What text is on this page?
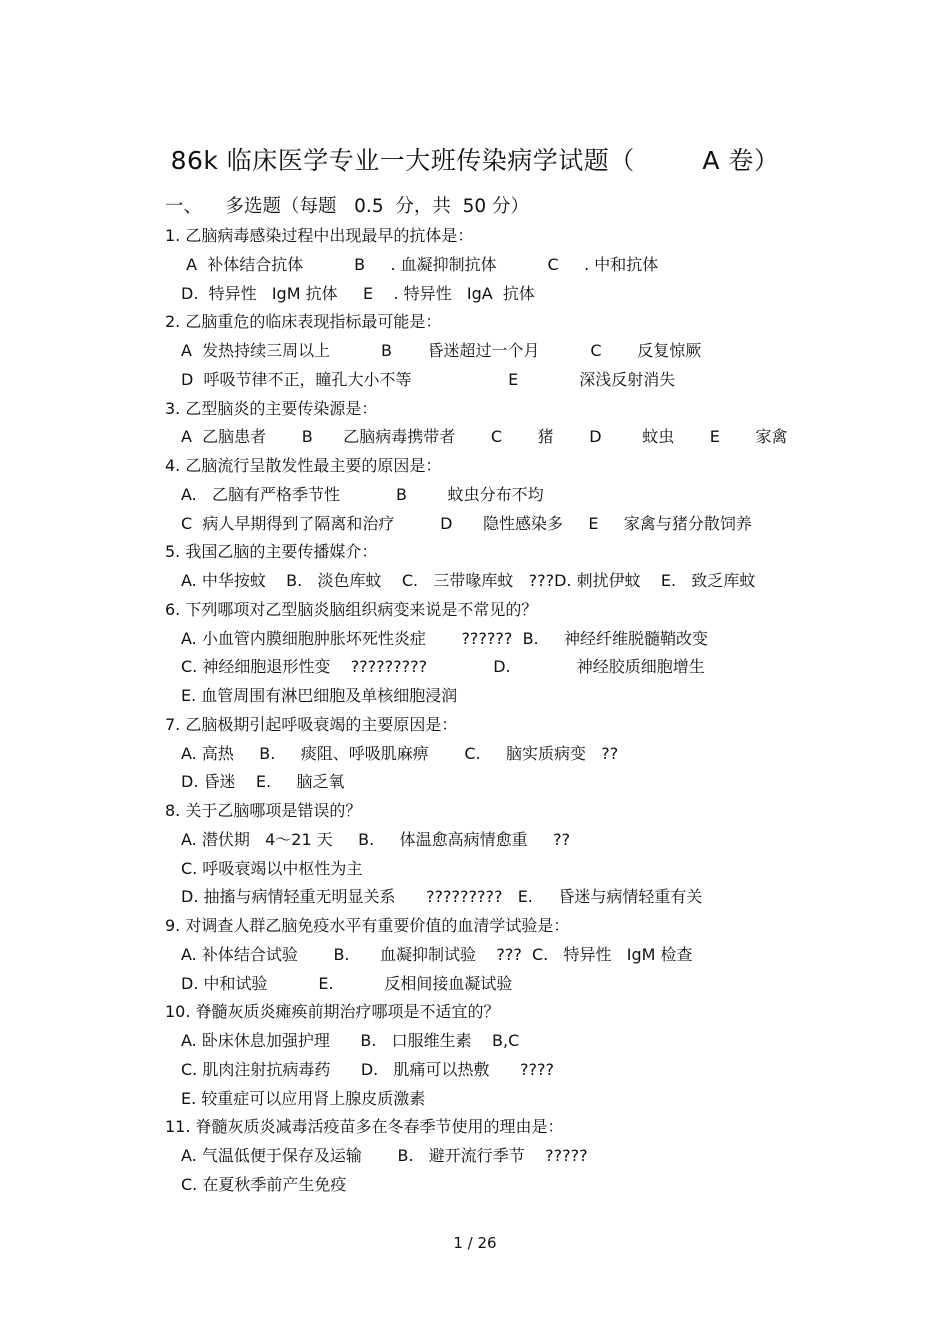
86k 临床医学专业一大班传染病学试题（        A 卷）
一、    多选题（每题   0.5  分，共  50 分）
1. 乙脑病毒感染过程中出现最早的抗体是：
A  补体结合抗体          B     . 血凝抑制抗体          C     . 中和抗体
D.  特异性   IgM 抗体     E    . 特异性   IgA  抗体
2. 乙脑重危的临床表现指标最可能是：
A  发热持续三周以上          B       昏迷超过一个月          C       反复惊厥
D  呼吸节律不正，瞳孔大小不等                   E            深浅反射消失
3. 乙型脑炎的主要传染源是：
A  乙脑患者       B      乙脑病毒携带者       C       猪       D        蚊虫       E       家禽
4. 乙脑流行呈散发性最主要的原因是：
A.   乙脑有严格季节性           B        蚊虫分布不均
C  病人早期得到了隔离和治疗         D      隐性感染多     E     家禽与猪分散饲养
5. 我国乙脑的主要传播媒介：
A. 中华按蚊    B.   淡色库蚊    C.   三带喙库蚊   ???D. 刺扰伊蚊    E.   致乏库蚊
6. 下列哪项对乙型脑炎脑组织病变来说是不常见的？
A. 小血管内膜细胞肿胀坏死性炎症       ??????  B.     神经纤维脱髓鞘改变
C. 神经细胞退形性变    ?????????             D.             神经胶质细胞增生
E. 血管周围有淋巴细胞及单核细胞浸润
7. 乙脑极期引起呼吸衰竭的主要原因是：
A. 高热     B.     痰阻、呼吸肌麻痹       C.     脑实质病变   ??
D. 昏迷    E.     脑乏氧
8. 关于乙脑哪项是错误的？
A. 潜伏期   4～21 天     B.     体温愈高病情愈重     ??
C. 呼吸衰竭以中枢性为主
D. 抽搐与病情轻重无明显关系      ?????????   E.     昏迷与病情轻重有关
9. 对调查人群乙脑免疫水平有重要价值的血清学试验是：
A. 补体结合试验       B.      血凝抑制试验    ???  C.   特异性   IgM 检查
D. 中和试验          E.          反相间接血凝试验
10. 脊髓灰质炎瘫痪前期治疗哪项是不适宜的？
A. 卧床休息加强护理      B.   口服维生素    B,C
C. 肌肉注射抗病毒药      D.   肌痛可以热敷      ????
E. 较重症可以应用肾上腺皮质激素
11. 脊髓灰质炎减毒活疫苗多在冬春季节使用的理由是：
A. 气温低便于保存及运输       B.   避开流行季节    ?????
C. 在夏秋季前产生免疫
1 / 26
